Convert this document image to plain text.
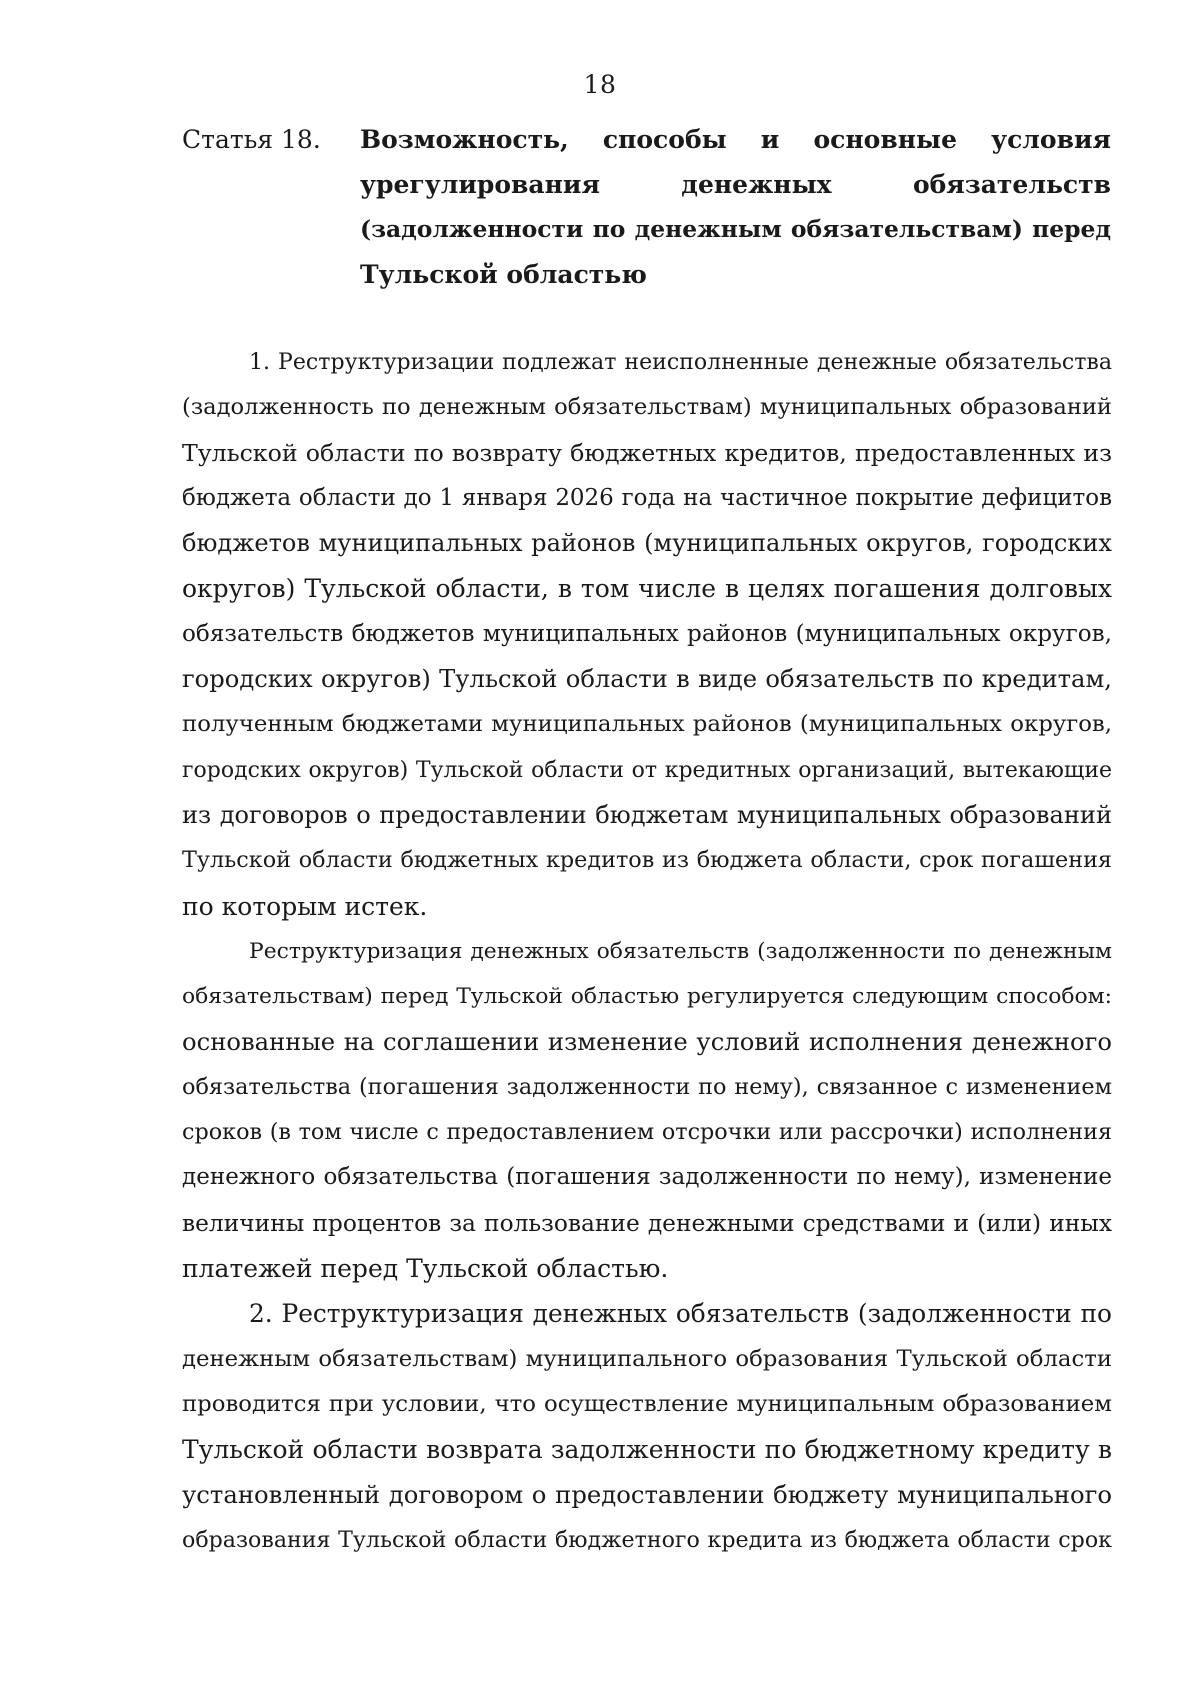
18
Статья 18. Возможность, способы и основные условия
урегулирования денежных обязательств
(задолженности по денежным обязательствам) перед
Тульской областью
1. Реструктуризации подлежат неисполненные денежные обязательства
(задолженность по денежным обязательствам) муниципальных образований
Тульской области по возврату бюджетных кредитов, предоставленных из
бюджета области до 1 января 2026 года на частичное покрытие дефицитов
бюджетов муниципальных районов (муниципальных округов, городских
округов) Тульской области, в том числе в целях погашения долговых
обязательств бюджетов муниципальных районов (муниципальных округов,
городских округов) Тульской области в виде обязательств по кредитам,
полученным бюджетами муниципальных районов (муниципальных округов,
городских округов) Тульской области от кредитных организаций, вытекающие
из договоров о предоставлении бюджетам муниципальных образований
Тульской области бюджетных кредитов из бюджета области, срок погашения
по которым истек.
Реструктуризация денежных обязательств (задолженности по денежным
обязательствам) перед Тульской областью регулируется следующим способом:
основанные на соглашении изменение условий исполнения денежного
обязательства (погашения задолженности по нему), связанное с изменением
сроков (в том числе с предоставлением отсрочки или рассрочки) исполнения
денежного обязательства (погашения задолженности по нему), изменение
величины процентов за пользование денежными средствами и (или) иных
платежей перед Тульской областью.
2. Реструктуризация денежных обязательств (задолженности по
денежным обязательствам) муниципального образования Тульской области
проводится при условии, что осуществление муниципальным образованием
Тульской области возврата задолженности по бюджетному кредиту в
установленный договором о предоставлении бюджету муниципального
образования Тульской области бюджетного кредита из бюджета области срок
